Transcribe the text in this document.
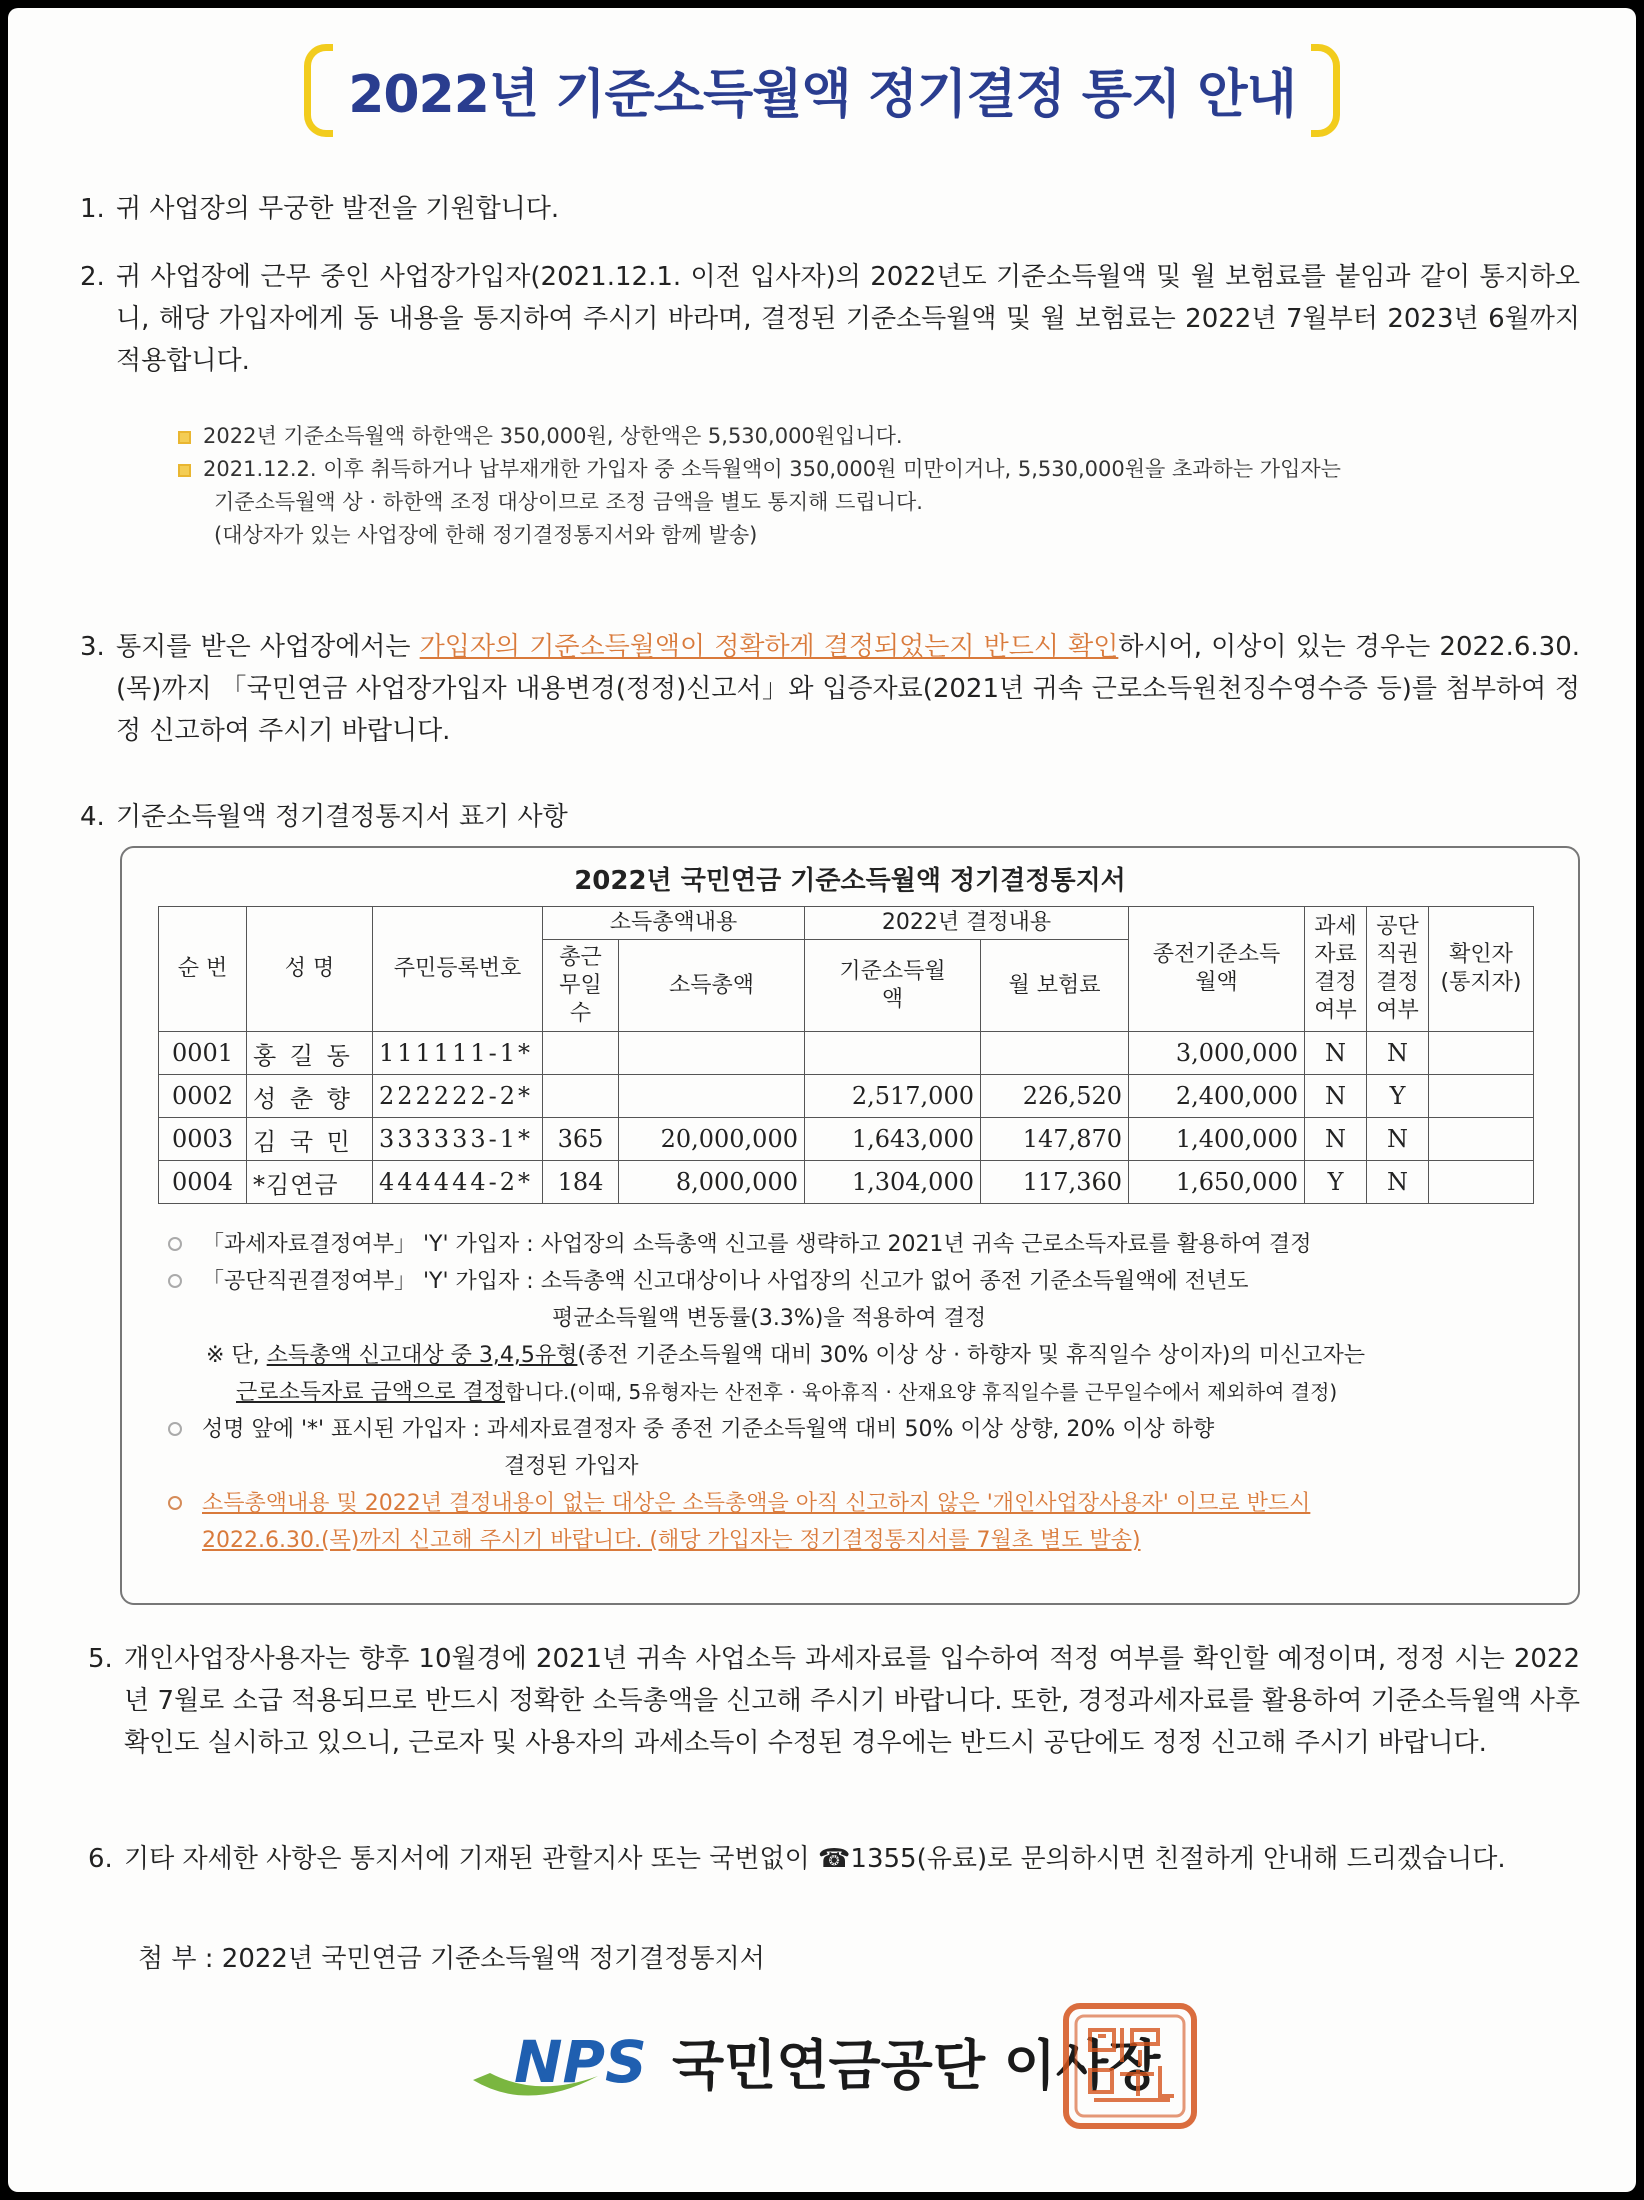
2022년 기준소득월액 정기결정 통지 안내
1. 귀 사업장의 무궁한 발전을 기원합니다.
2. 귀 사업장에 근무 중인 사업장가입자(2021.12.1. 이전 입사자)의 2022년도 기준소득월액 및 월 보험료를 붙임과 같이 통지하오니, 해당 가입자에게 동 내용을 통지하여 주시기 바라며, 결정된 기준소득월액 및 월 보험료는 2022년 7월부터 2023년 6월까지 적용합니다.
2022년 기준소득월액 하한액은 350,000원, 상한액은 5,530,000원입니다.
2021.12.2. 이후 취득하거나 납부재개한 가입자 중 소득월액이 350,000원 미만이거나, 5,530,000원을 초과하는 가입자는
기준소득월액 상 · 하한액 조정 대상이므로 조정 금액을 별도 통지해 드립니다.
(대상자가 있는 사업장에 한해 정기결정통지서와 함께 발송)
3. 통지를 받은 사업장에서는 가입자의 기준소득월액이 정확하게 결정되었는지 반드시 확인하시어, 이상이 있는 경우는 2022.6.30.(목)까지 「국민연금 사업장가입자 내용변경(정정)신고서」와 입증자료(2021년 귀속 근로소득원천징수영수증 등)를 첨부하여 정정 신고하여 주시기 바랍니다.
4. 기준소득월액 정기결정통지서 표기 사항
2022년 국민연금 기준소득월액 정기결정통지서
순 번	성 명	주민등록번호	소득총액내용		2022년 결정내용		종전기준소득월액	과세자료결정여부	공단직권결정여부	확인자(통지자)
			총근무일수	소득총액	기준소득월액	월 보험료				
0001	홍 길 동	111111-1*					3,000,000	N	N	
0002	성 춘 향	222222-2*			2,517,000	226,520	2,400,000	N	Y	
0003	김 국 민	333333-1*	365	20,000,000	1,643,000	147,870	1,400,000	N	N	
0004	*김연금	444444-2*	184	8,000,000	1,304,000	117,360	1,650,000	Y	N	
「과세자료결정여부」 'Y' 가입자 : 사업장의 소득총액 신고를 생략하고 2021년 귀속 근로소득자료를 활용하여 결정
「공단직권결정여부」 'Y' 가입자 : 소득총액 신고대상이나 사업장의 신고가 없어 종전 기준소득월액에 전년도
평균소득월액 변동률(3.3%)을 적용하여 결정
※ 단, 소득총액 신고대상 중 3,4,5유형(종전 기준소득월액 대비 30% 이상 상 · 하향자 및 휴직일수 상이자)의 미신고자는
근로소득자료 금액으로 결정합니다.(이때, 5유형자는 산전후 · 육아휴직 · 산재요양 휴직일수를 근무일수에서 제외하여 결정)
성명 앞에 '*' 표시된 가입자 : 과세자료결정자 중 종전 기준소득월액 대비 50% 이상 상향, 20% 이상 하향
결정된 가입자
소득총액내용 및 2022년 결정내용이 없는 대상은 소득총액을 아직 신고하지 않은 '개인사업장사용자' 이므로 반드시
2022.6.30.(목)까지 신고해 주시기 바랍니다. (해당 가입자는 정기결정통지서를 7월초 별도 발송)
5. 개인사업장사용자는 향후 10월경에 2021년 귀속 사업소득 과세자료를 입수하여 적정 여부를 확인할 예정이며, 정정 시는 2022년 7월로 소급 적용되므로 반드시 정확한 소득총액을 신고해 주시기 바랍니다. 또한, 경정과세자료를 활용하여 기준소득월액 사후 확인도 실시하고 있으니, 근로자 및 사용자의 과세소득이 수정된 경우에는 반드시 공단에도 정정 신고해 주시기 바랍니다.
6. 기타 자세한 사항은 통지서에 기재된 관할지사 또는 국번없이 ☎1355(유료)로 문의하시면 친절하게 안내해 드리겠습니다.
첨 부 : 2022년 국민연금 기준소득월액 정기결정통지서
NPS 국민연금공단 이사장
